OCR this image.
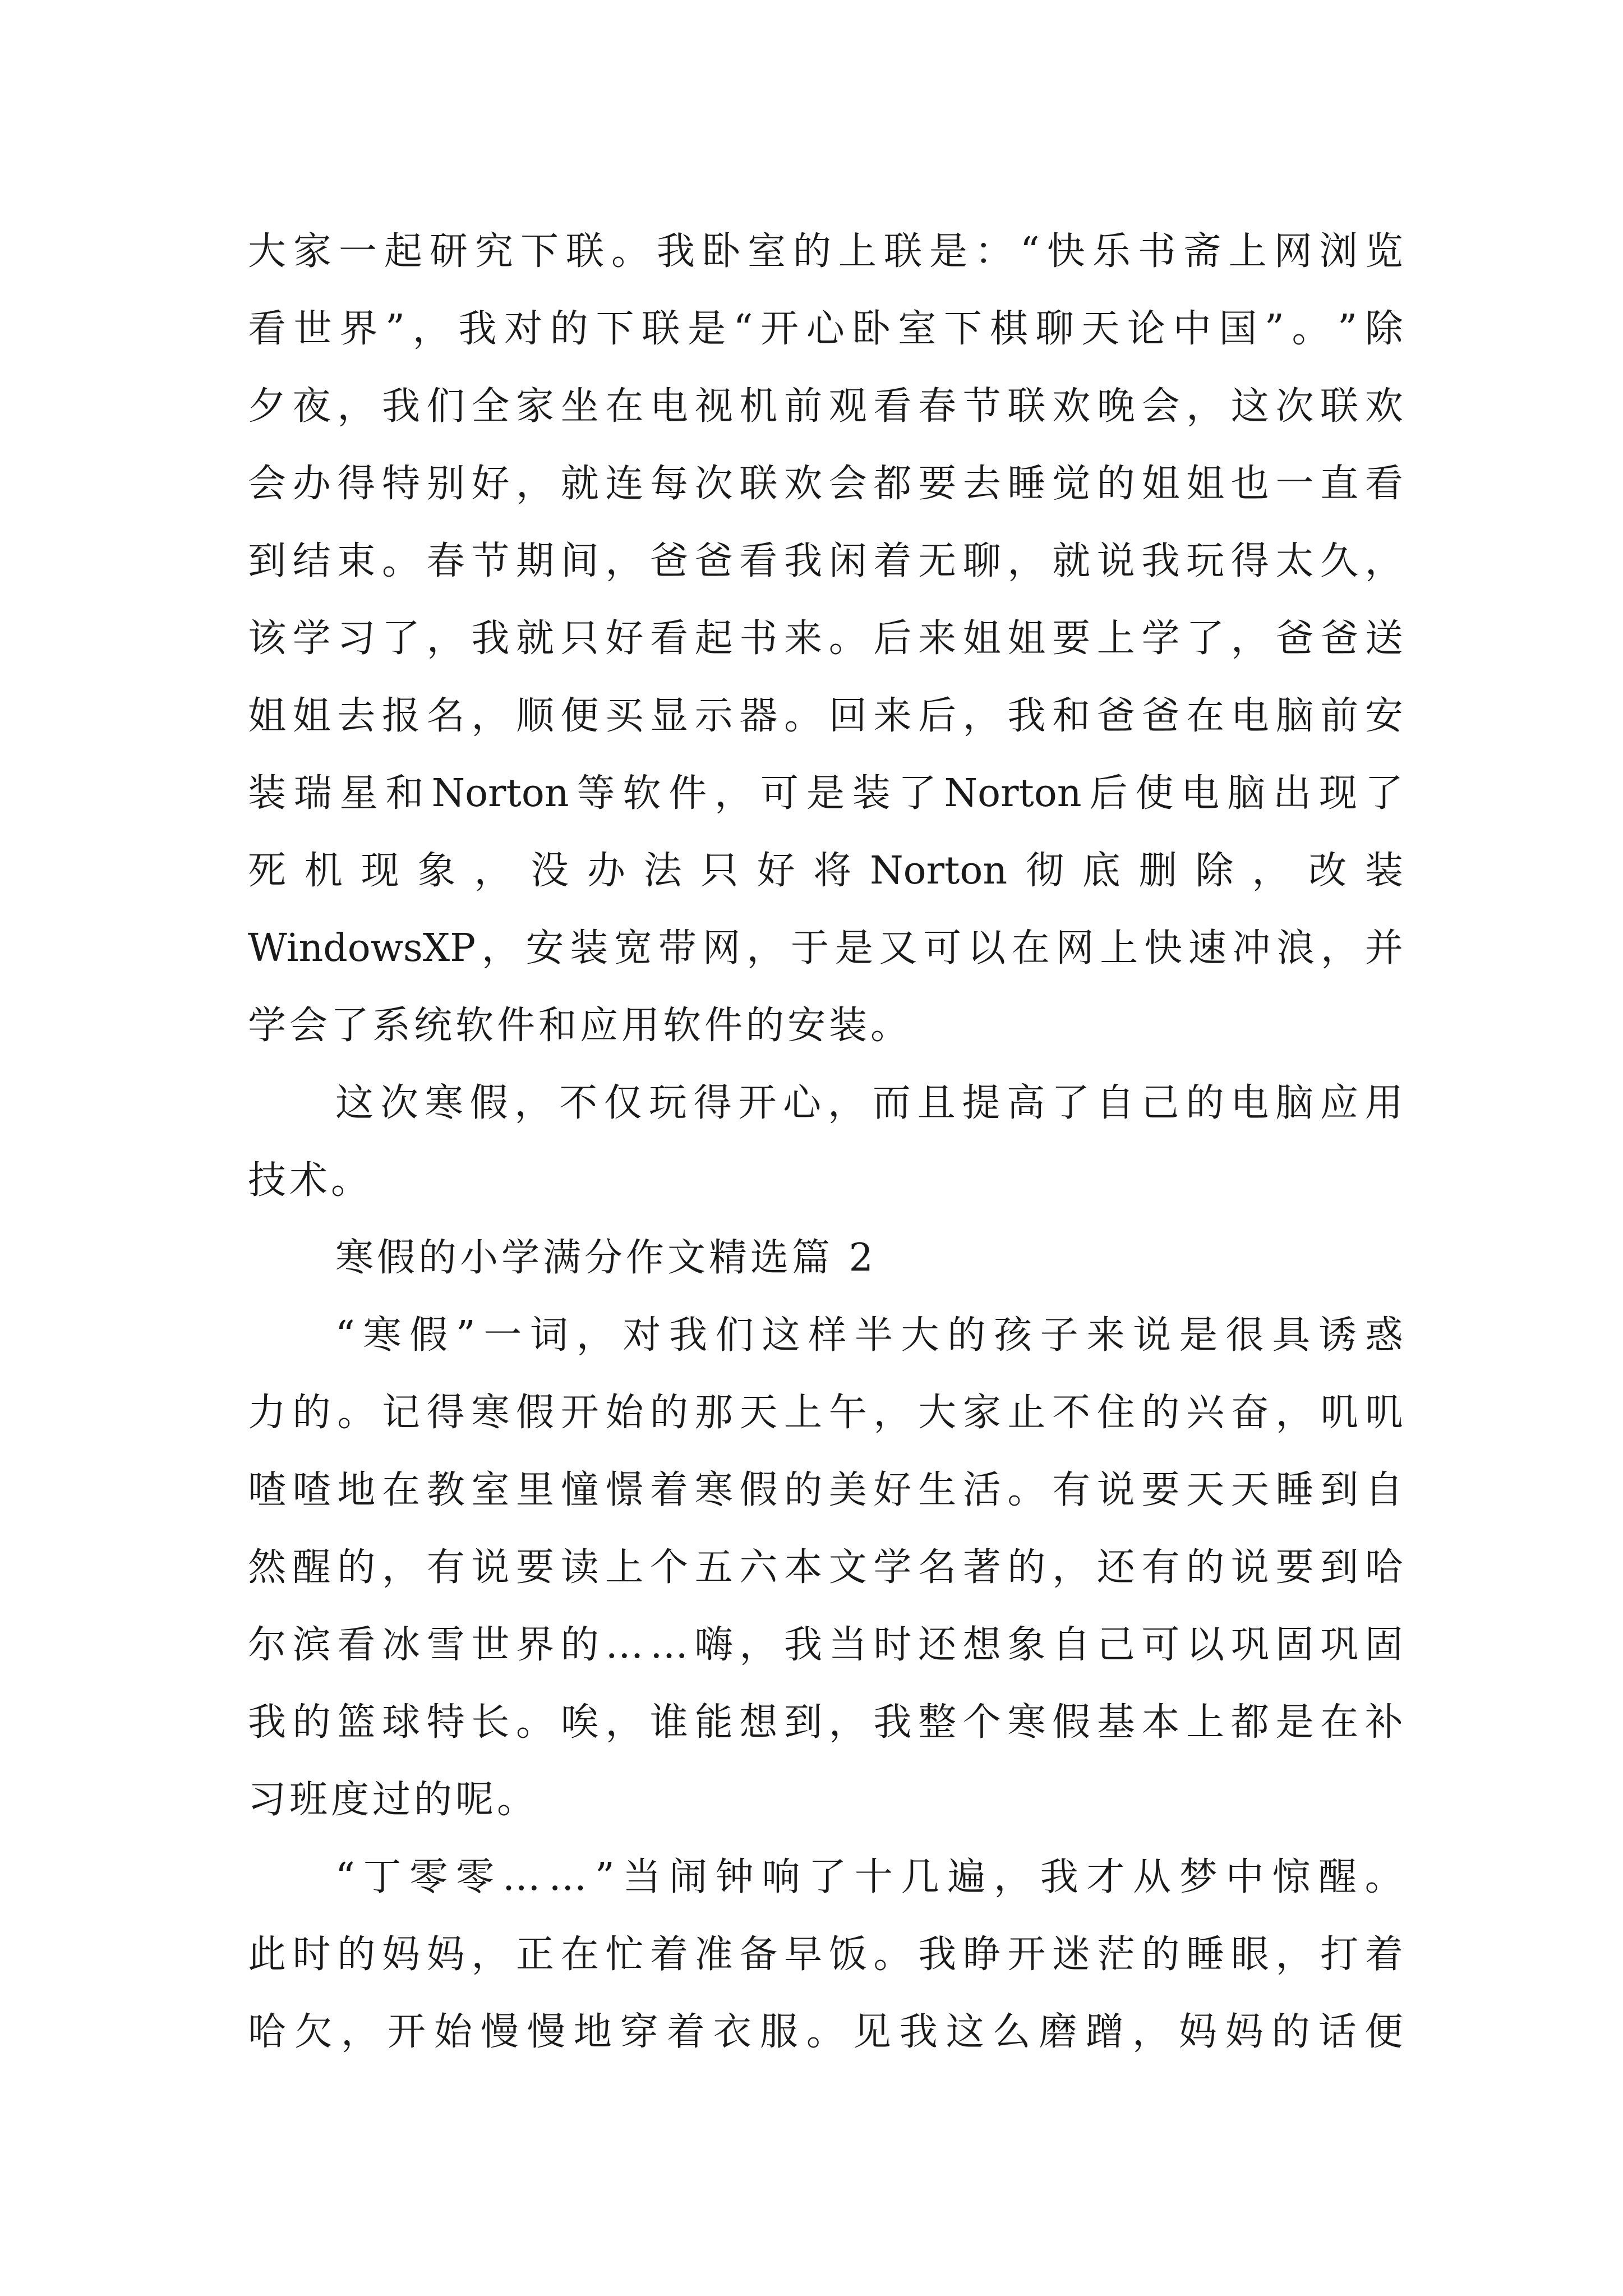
大 家 一 起 研 究 下 联 。 我 卧 室 的 上 联 是 ： “ 快 乐 书 斋 上 网 浏 览
看 世 界 ” ， 我 对 的 下 联 是 “ 开 心 卧 室 下 棋 聊 天 论 中 国 ” 。 ” 除
夕 夜 ， 我 们 全 家 坐 在 电 视 机 前 观 看 春 节 联 欢 晚 会 ， 这 次 联 欢
会 办 得 特 别 好 ， 就 连 每 次 联 欢 会 都 要 去 睡 觉 的 姐 姐 也 一 直 看
到 结 束 。 春 节 期 间 ， 爸 爸 看 我 闲 着 无 聊 ， 就 说 我 玩 得 太 久 ，
该 学 习 了 ， 我 就 只 好 看 起 书 来 。 后 来 姐 姐 要 上 学 了 ， 爸 爸 送
姐 姐 去 报 名 ， 顺 便 买 显 示 器 。 回 来 后 ， 我 和 爸 爸 在 电 脑 前 安
装 瑞 星 和 Norton 等 软 件 ， 可 是 装 了 Norton 后 使 电 脑 出 现 了
死 机 现 象 ， 没 办 法 只 好 将 Norton 彻 底 删 除 ， 改 装
WindowsXP ， 安 装 宽 带 网 ， 于 是 又 可 以 在 网 上 快 速 冲 浪 ， 并
学会了系统软件和应用软件的安装。
这 次 寒 假 ， 不 仅 玩 得 开 心 ， 而 且 提 高 了 自 己 的 电 脑 应 用
技术。
寒假的小学满分作文精选篇 2
“ 寒 假 ” 一 词 ， 对 我 们 这 样 半 大 的 孩 子 来 说 是 很 具 诱 惑
力 的 。 记 得 寒 假 开 始 的 那 天 上 午 ， 大 家 止 不 住 的 兴 奋 ， 叽 叽
喳 喳 地 在 教 室 里 憧 憬 着 寒 假 的 美 好 生 活 。 有 说 要 天 天 睡 到 自
然 醒 的 ， 有 说 要 读 上 个 五 六 本 文 学 名 著 的 ， 还 有 的 说 要 到 哈
尔 滨 看 冰 雪 世 界 的 … … 嗨 ， 我 当 时 还 想 象 自 己 可 以 巩 固 巩 固
我 的 篮 球 特 长 。 唉 ， 谁 能 想 到 ， 我 整 个 寒 假 基 本 上 都 是 在 补
习班度过的呢。
“ 丁 零 零 … … ” 当 闹 钟 响 了 十 几 遍 ， 我 才 从 梦 中 惊 醒 。
此 时 的 妈 妈 ， 正 在 忙 着 准 备 早 饭 。 我 睁 开 迷 茫 的 睡 眼 ， 打 着
哈 欠 ， 开 始 慢 慢 地 穿 着 衣 服 。 见 我 这 么 磨 蹭 ， 妈 妈 的 话 便
